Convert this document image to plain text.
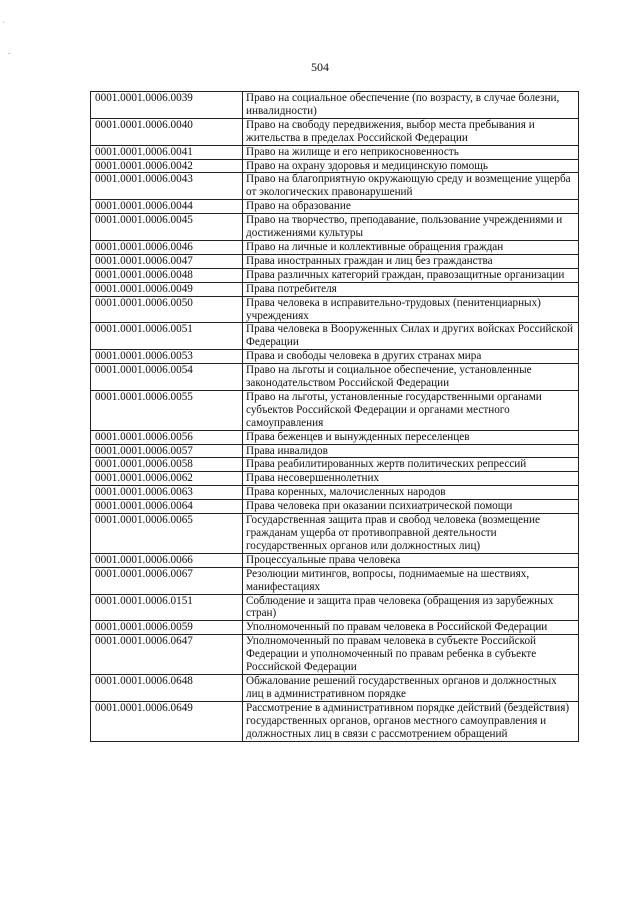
`
.
504
0001.0001.0006.0039	Право на социальное обеспечение (по возрасту, в случае болезни, инвалидности)
0001.0001.0006.0040	Право на свободу передвижения, выбор места пребывания и жительства в пределах Российской Федерации
0001.0001.0006.0041	Право на жилище и его неприкосновенность
0001.0001.0006.0042	Право на охрану здоровья и медицинскую помощь
0001.0001.0006.0043	Право на благоприятную окружающую среду и возмещение ущерба от экологических правонарушений
0001.0001.0006.0044	Право на образование
0001.0001.0006.0045	Право на творчество, преподавание, пользование учреждениями и достижениями культуры
0001.0001.0006.0046	Право на личные и коллективные обращения граждан
0001.0001.0006.0047	Права иностранных граждан и лиц без гражданства
0001.0001.0006.0048	Права различных категорий граждан, правозащитные организации
0001.0001.0006.0049	Права потребителя
0001.0001.0006.0050	Права человека в исправительно-трудовых (пенитенциарных) учреждениях
0001.0001.0006.0051	Права человека в Вооруженных Силах и других войсках Российской Федерации
0001.0001.0006.0053	Права и свободы человека в других странах мира
0001.0001.0006.0054	Право на льготы и социальное обеспечение, установленные законодательством Российской Федерации
0001.0001.0006.0055	Право на льготы, установленные государственными органами субъектов Российской Федерации и органами местного самоуправления
0001.0001.0006.0056	Права беженцев и вынужденных переселенцев
0001.0001.0006.0057	Права инвалидов
0001.0001.0006.0058	Права реабилитированных жертв политических репрессий
0001.0001.0006.0062	Права несовершеннолетних
0001.0001.0006.0063	Права коренных, малочисленных народов
0001.0001.0006.0064	Права человека при оказании психиатрической помощи
0001.0001.0006.0065	Государственная защита прав и свобод человека (возмещение гражданам ущерба от противоправной деятельности государственных органов или должностных лиц)
0001.0001.0006.0066	Процессуальные права человека
0001.0001.0006.0067	Резолюции митингов, вопросы, поднимаемые на шествиях, манифестациях
0001.0001.0006.0151	Соблюдение и защита прав человека (обращения из зарубежных стран)
0001.0001.0006.0059	Уполномоченный по правам человека в Российской Федерации
0001.0001.0006.0647	Уполномоченный по правам человека в субъекте Российской Федерации и уполномоченный по правам ребенка в субъекте Российской Федерации
0001.0001.0006.0648	Обжалование решений государственных органов и должностных лиц в административном порядке
0001.0001.0006.0649	Рассмотрение в административном порядке действий (бездействия) государственных органов, органов местного самоуправления и должностных лиц в связи с рассмотрением обращений
